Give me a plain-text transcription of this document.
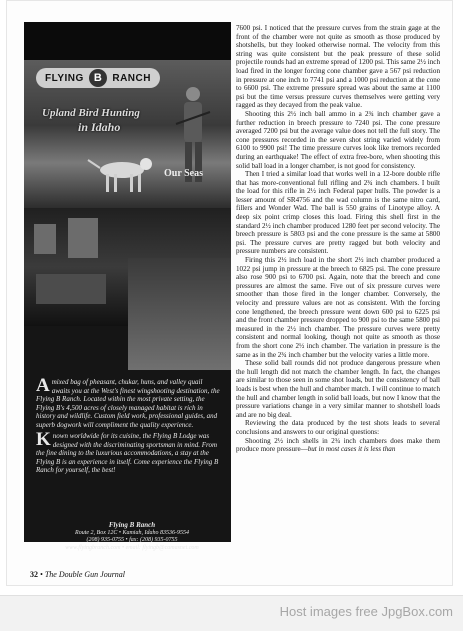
FLYING B RANCH
Upland Bird Hunting
in Idaho
Our Seas

A mixed bag of pheasant, chukar, huns, and valley quail awaits you at the West's finest wingshooting destination, the Flying B Ranch. Located within the most private setting, the Flying B's 4,500 acres of closely managed habitat is rich in history and wildlife. Custom field work, professional guides, and superb dogwork will compliment the quality experience.

Known worldwide for its cuisine, the Flying B Lodge was designed with the discriminating sportsman in mind. From the fine dining to the luxurious accommodations, a stay at the Flying B is an experience in itself. Come experience the Flying B Ranch for yourself, the best!

Flying B Ranch
Route 2, Box 12C • Kamiah, Idaho 83536-9554
(208) 935-0755 • fax: (208) 935-0755
www.flyingbranch.com • email: flyingb@camasnet.com

7600 psi. I noticed that the pressure curves from the strain gage at the front of the chamber were not quite as smooth as those produced by shotshells, but they looked otherwise normal. The velocity from this string was quite consistent but the peak pressure of these solid projectile rounds had an extreme spread of 1200 psi. This same 2½ inch load fired in the longer forcing cone chamber gave a 567 psi reduction in pressure at one inch to 7741 psi and a 1000 psi reduction at the cone to 6600 psi. The extreme pressure spread was about the same at 1100 psi but the time versus pressure curves themselves were getting very ragged as they decayed from the peak value.

Shooting this 2½ inch ball ammo in a 2¾ inch chamber gave a further reduction in breech pressure to 7240 psi. The cone pressure averaged 7200 psi but the average value does not tell the full story. The cone pressures recorded in the seven shot string varied widely from 6100 to 9900 psi! The time pressure curves look like tremors recorded during an earthquake! The effect of extra free-bore, when shooting this solid ball load in a longer chamber, is not good for consistency.

Then I tried a similar load that works well in a 12-bore double rifle that has more-conventional full rifling and 2¾ inch chambers. I built the load for this rifle in 2½ inch Federal paper hulls. The powder is a lesser amount of SR4756 and the wad column is the same nitro card, fillers and Wonder Wad. The ball is 550 grains of Linotype alloy. A deep six point crimp closes this load. Firing this shell first in the standard 2½ inch chamber produced 1280 feet per second velocity. The breech pressure is 5803 psi and the cone pressure is the same at 5800 psi. The pressure curves are pretty ragged but both velocity and pressure numbers are consistent.

Firing this 2½ inch load in the short 2½ inch chamber produced a 1022 psi jump in pressure at the breech to 6825 psi. The cone pressure also rose 900 psi to 6700 psi. Again, note that the breech and cone pressures are almost the same. Five out of six pressure curves were smoother than those fired in the longer chamber. Conversely, the velocity and pressure values are not as consistent. With the forcing cone lengthened, the breech pressure went down 600 psi to 6225 psi and the front chamber pressure dropped to 900 psi to the same 5800 psi measured in the 2½ inch chamber. The pressure curves were pretty consistent and normal looking, though not quite as smooth as those from the short cone 2½ inch chamber. The variation in pressure is the same as in the 2¾ inch chamber but the velocity varies a little more.

These solid ball rounds did not produce dangerous pressure when the hull length did not match the chamber length. In fact, the changes are similar to those seen in some shot loads, but the consistency of ball loads is best when the hull and chamber match. I will continue to match the hull and chamber length in solid ball loads, but now I know that the pressure variations change in a very similar manner to shotshell loads and are no big deal.

Reviewing the data produced by the test shots leads to several conclusions and answers to our original questions:

Shooting 2½ inch shells in 2¾ inch chambers does make them produce more pressure—but in most cases it is less than

32 • The Double Gun Journal
Host images free JpgBox.com
